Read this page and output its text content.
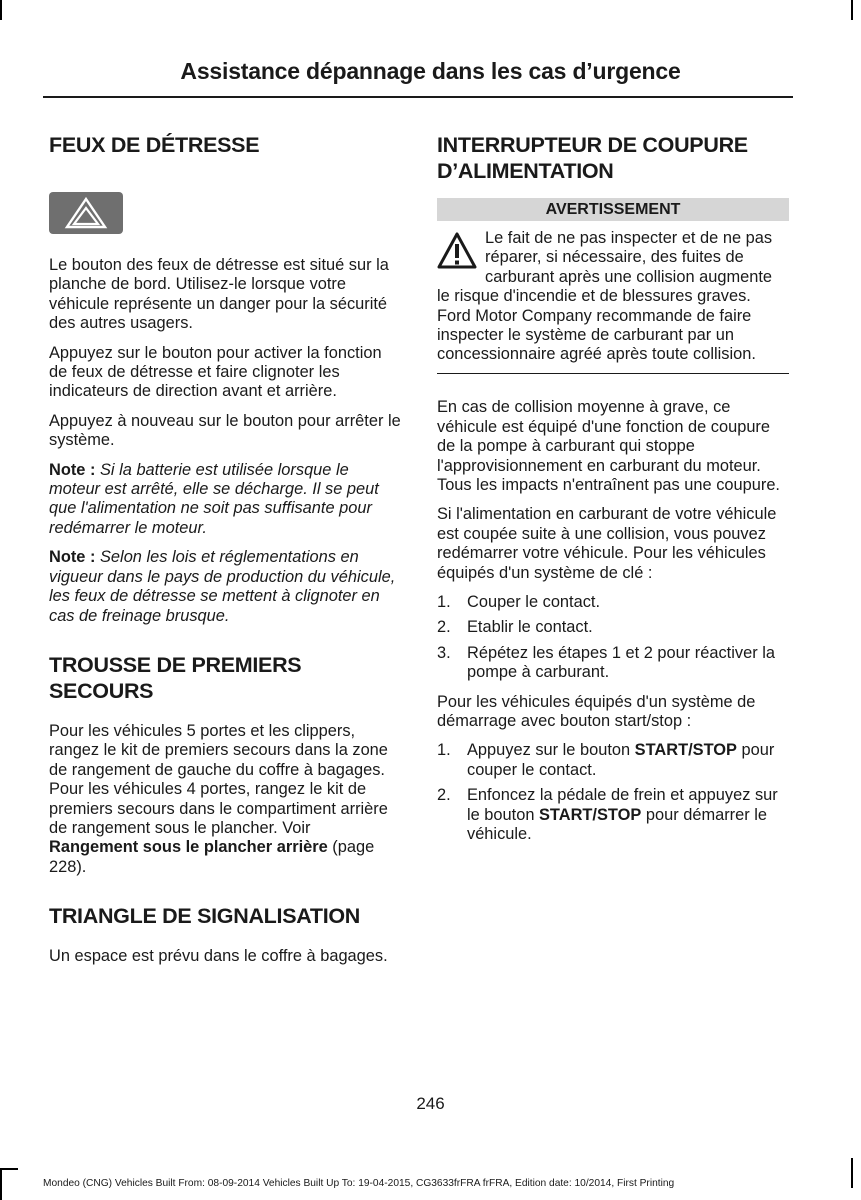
Assistance dépannage dans les cas d’urgence
FEUX DE DÉTRESSE

Le bouton des feux de détresse est situé sur la planche de bord. Utilisez-le lorsque votre véhicule représente un danger pour la sécurité des autres usagers.

Appuyez sur le bouton pour activer la fonction de feux de détresse et faire clignoter les indicateurs de direction avant et arrière.

Appuyez à nouveau sur le bouton pour arrêter le système.

Note : Si la batterie est utilisée lorsque le moteur est arrêté, elle se décharge. Il se peut que l'alimentation ne soit pas suffisante pour redémarrer le moteur.

Note : Selon les lois et réglementations en vigueur dans le pays de production du véhicule, les feux de détresse se mettent à clignoter en cas de freinage brusque.

TROUSSE DE PREMIERS SECOURS

Pour les véhicules 5 portes et les clippers, rangez le kit de premiers secours dans la zone de rangement de gauche du coffre à bagages. Pour les véhicules 4 portes, rangez le kit de premiers secours dans le compartiment arrière de rangement sous le plancher. Voir Rangement sous le plancher arrière (page 228).

TRIANGLE DE SIGNALISATION

Un espace est prévu dans le coffre à bagages.

INTERRUPTEUR DE COUPURE D’ALIMENTATION
AVERTISSEMENT
Le fait de ne pas inspecter et de ne pas réparer, si nécessaire, des fuites de carburant après une collision augmente le risque d'incendie et de blessures graves. Ford Motor Company recommande de faire inspecter le système de carburant par un concessionnaire agréé après toute collision.

En cas de collision moyenne à grave, ce véhicule est équipé d'une fonction de coupure de la pompe à carburant qui stoppe l'approvisionnement en carburant du moteur. Tous les impacts n'entraînent pas une coupure.

Si l'alimentation en carburant de votre véhicule est coupée suite à une collision, vous pouvez redémarrer votre véhicule. Pour les véhicules équipés d'un système de clé :

1. Couper le contact.
2. Etablir le contact.
3. Répétez les étapes 1 et 2 pour réactiver la pompe à carburant.

Pour les véhicules équipés d'un système de démarrage avec bouton start/stop :

1. Appuyez sur le bouton START/STOP pour couper le contact.
2. Enfoncez la pédale de frein et appuyez sur le bouton START/STOP pour démarrer le véhicule.
246
Mondeo (CNG) Vehicles Built From: 08-09-2014 Vehicles Built Up To: 19-04-2015, CG3633frFRA frFRA, Edition date: 10/2014, First Printing
